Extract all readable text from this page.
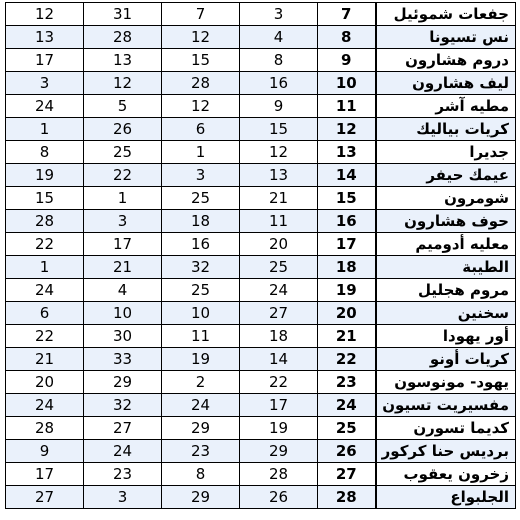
12	31	7	3	7	جفعات شموئيل
13	28	12	4	8	نس تسيونا
17	13	15	8	9	دروم هشارون
3	12	28	16	10	ليف هشارون
24	5	12	9	11	مطيه آشر
1	26	6	15	12	كريات بياليك
8	25	1	12	13	جديرا
19	22	3	13	14	عيمك حيفر
15	1	25	21	15	شومرون
28	3	18	11	16	حوف هشارون
22	17	16	20	17	معليه أدوميم
1	21	32	25	18	الطيبة
24	4	25	24	19	مروم هجليل
6	10	10	27	20	سخنين
22	30	11	18	21	أور يهودا
21	33	19	14	22	كريات أونو
20	29	2	22	23	يهود- مونوسون
24	32	24	17	24	مفسيريت تسيون
28	27	29	19	25	كديما تسورن
9	24	23	29	26	برديس حنا كركور
17	23	8	28	27	زخرون يعقوب
27	3	29	26	28	الجلبواع
